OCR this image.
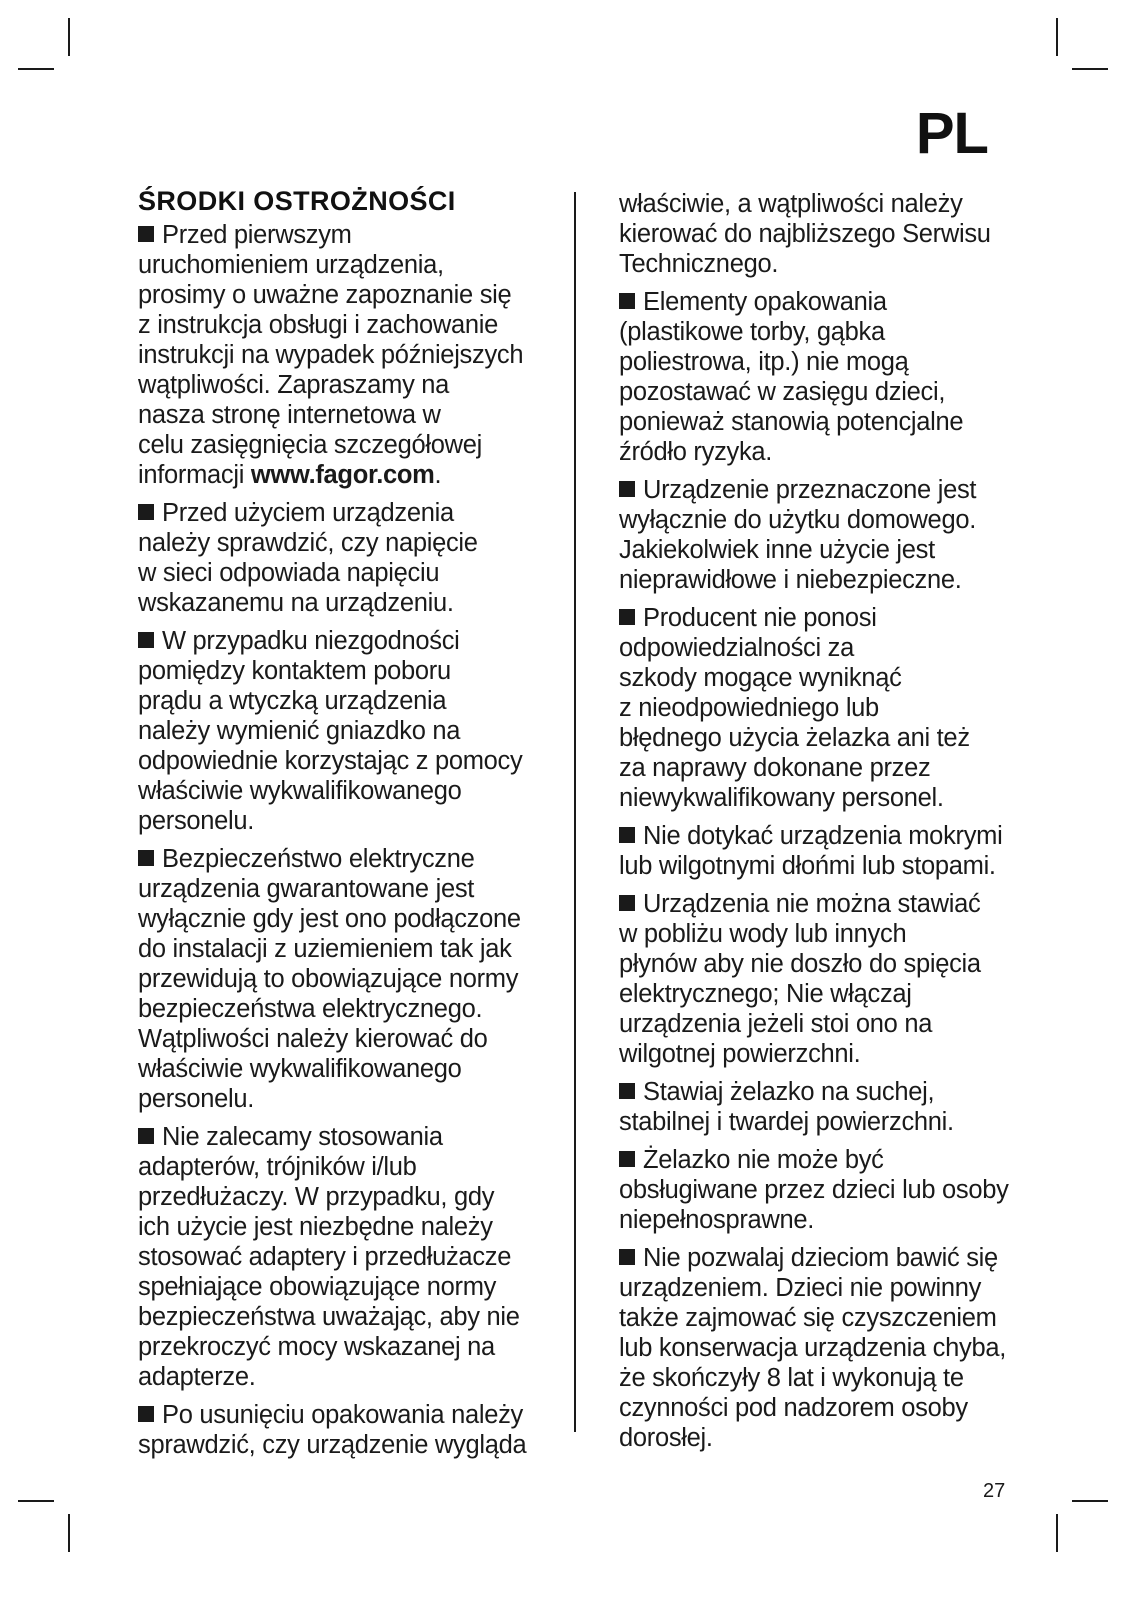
PL
ŚRODKI OSTROŻNOŚCI
Przed pierwszym
uruchomieniem urządzenia,
prosimy o uważne zapoznanie się
z instrukcja obsługi i zachowanie
instrukcji na wypadek późniejszych
wątpliwości. Zapraszamy na
nasza stronę internetowa w
celu zasięgnięcia szczegółowej
informacji www.fagor.com.
Przed użyciem urządzenia
należy sprawdzić, czy napięcie
w sieci odpowiada napięciu
wskazanemu na urządzeniu.
W przypadku niezgodności
pomiędzy kontaktem poboru
prądu a wtyczką urządzenia
należy wymienić gniazdko na
odpowiednie korzystając z pomocy
właściwie wykwalifikowanego
personelu.
Bezpieczeństwo elektryczne
urządzenia gwarantowane jest
wyłącznie gdy jest ono podłączone
do instalacji z uziemieniem tak jak
przewidują to obowiązujące normy
bezpieczeństwa elektrycznego.
Wątpliwości należy kierować do
właściwie wykwalifikowanego
personelu.
Nie zalecamy stosowania
adapterów, trójników i/lub
przedłużaczy. W przypadku, gdy
ich użycie jest niezbędne należy
stosować adaptery i przedłużacze
spełniające obowiązujące normy
bezpieczeństwa uważając, aby nie
przekroczyć mocy wskazanej na
adapterze.
Po usunięciu opakowania należy
sprawdzić, czy urządzenie wygląda
właściwie, a wątpliwości należy
kierować do najbliższego Serwisu
Technicznego.
Elementy opakowania
(plastikowe torby, gąbka
poliestrowa, itp.) nie mogą
pozostawać w zasięgu dzieci,
ponieważ stanowią potencjalne
źródło ryzyka.
Urządzenie przeznaczone jest
wyłącznie do użytku domowego.
Jakiekolwiek inne użycie jest
nieprawidłowe i niebezpieczne.
Producent nie ponosi
odpowiedzialności za
szkody mogące wyniknąć
z nieodpowiedniego lub
błędnego użycia żelazka ani też
za naprawy dokonane przez
niewykwalifikowany personel.
Nie dotykać urządzenia mokrymi
lub wilgotnymi dłońmi lub stopami.
Urządzenia nie można stawiać
w pobliżu wody lub innych
płynów aby nie doszło do spięcia
elektrycznego; Nie włączaj
urządzenia jeżeli stoi ono na
wilgotnej powierzchni.
Stawiaj żelazko na suchej,
stabilnej i twardej powierzchni.
Żelazko nie może być
obsługiwane przez dzieci lub osoby
niepełnosprawne.
Nie pozwalaj dzieciom bawić się
urządzeniem. Dzieci nie powinny
także zajmować się czyszczeniem
lub konserwacja urządzenia chyba,
że skończyły 8 lat i wykonują te
czynności pod nadzorem osoby
dorosłej.
27
